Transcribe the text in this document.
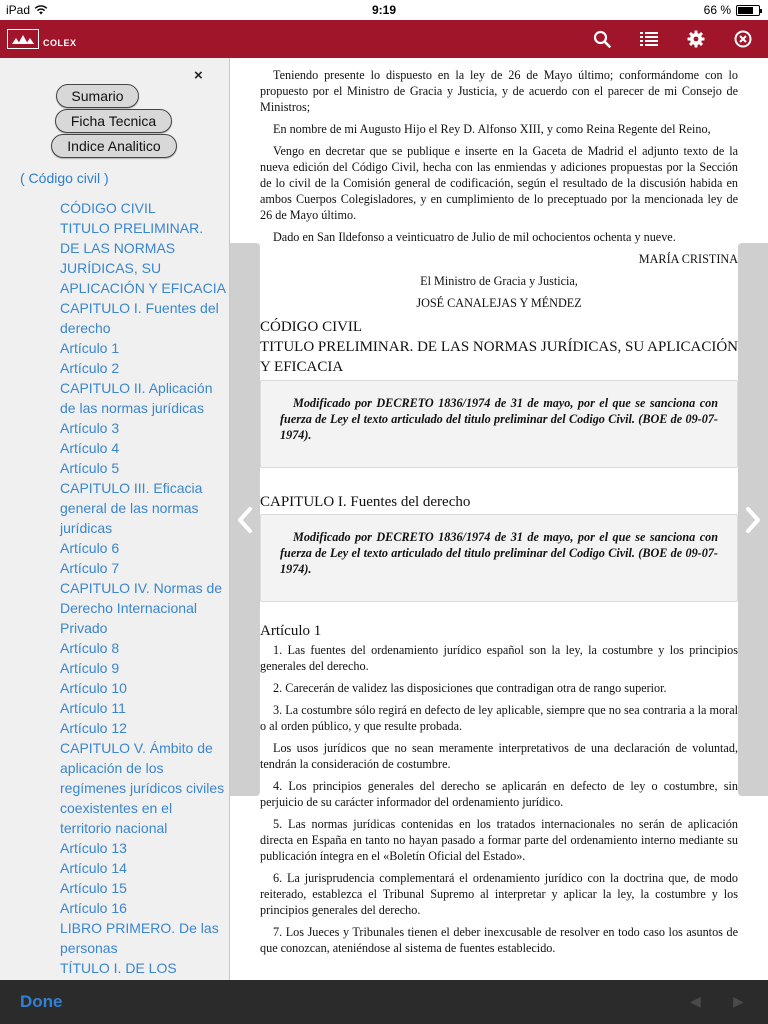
iPad	9:19	66 %
COLEX
×
Sumario
Ficha Tecnica
Indice Analitico
( Código civil )
CÓDIGO CIVIL
TITULO PRELIMINAR. DE LAS NORMAS JURÍDICAS, SU APLICACIÓN Y EFICACIA
CAPITULO I. Fuentes del derecho
Artículo 1
Artículo 2
CAPITULO II. Aplicación de las normas jurídicas
Artículo 3
Artículo 4
Artículo 5
CAPITULO III. Eficacia general de las normas jurídicas
Artículo 6
Artículo 7
CAPITULO IV. Normas de Derecho Internacional Privado
Artículo 8
Artículo 9
Artículo 10
Artículo 11
Artículo 12
CAPITULO V. Ámbito de aplicación de los regímenes jurídicos civiles coexistentes en el territorio nacional
Artículo 13
Artículo 14
Artículo 15
Artículo 16
LIBRO PRIMERO. De las personas
TÍTULO I. DE LOS

Teniendo presente lo dispuesto en la ley de 26 de Mayo último; conformándome con lo propuesto por el Ministro de Gracia y Justicia, y de acuerdo con el parecer de mi Consejo de Ministros;

En nombre de mi Augusto Hijo el Rey D. Alfonso XIII, y como Reina Regente del Reino,

Vengo en decretar que se publique e inserte en la Gaceta de Madrid el adjunto texto de la nueva edición del Código Civil, hecha con las enmiendas y adiciones propuestas por la Sección de lo civil de la Comisión general de codificación, según el resultado de la discusión habida en ambos Cuerpos Colegisladores, y en cumplimiento de lo preceptuado por la mencionada ley de 26 de Mayo último.

Dado en San Ildefonso a veinticuatro de Julio de mil ochocientos ochenta y nueve.

MARÍA CRISTINA
El Ministro de Gracia y Justicia,
JOSÉ CANALEJAS Y MÉNDEZ
CÓDIGO CIVIL
TITULO PRELIMINAR. DE LAS NORMAS JURÍDICAS, SU APLICACIÓN Y EFICACIA

Modificado por DECRETO 1836/1974 de 31 de mayo, por el que se sanciona con fuerza de Ley el texto articulado del titulo preliminar del Codigo Civil. (BOE de 09-07-1974).

CAPITULO I. Fuentes del derecho

Modificado por DECRETO 1836/1974 de 31 de mayo, por el que se sanciona con fuerza de Ley el texto articulado del titulo preliminar del Codigo Civil. (BOE de 09-07-1974).

Artículo 1

1. Las fuentes del ordenamiento jurídico español son la ley, la costumbre y los principios generales del derecho.

2. Carecerán de validez las disposiciones que contradigan otra de rango superior.

3. La costumbre sólo regirá en defecto de ley aplicable, siempre que no sea contraria a la moral o al orden público, y que resulte probada.

Los usos jurídicos que no sean meramente interpretativos de una declaración de voluntad, tendrán la consideración de costumbre.

4. Los principios generales del derecho se aplicarán en defecto de ley o costumbre, sin perjuicio de su carácter informador del ordenamiento jurídico.

5. Las normas jurídicas contenidas en los tratados internacionales no serán de aplicación directa en España en tanto no hayan pasado a formar parte del ordenamiento interno mediante su publicación íntegra en el «Boletín Oficial del Estado».

6. La jurisprudencia complementará el ordenamiento jurídico con la doctrina que, de modo reiterado, establezca el Tribunal Supremo al interpretar y aplicar la ley, la costumbre y los principios generales del derecho.

7. Los Jueces y Tribunales tienen el deber inexcusable de resolver en todo caso los asuntos de que conozcan, ateniéndose al sistema de fuentes establecido.

Done	◀ ▶
